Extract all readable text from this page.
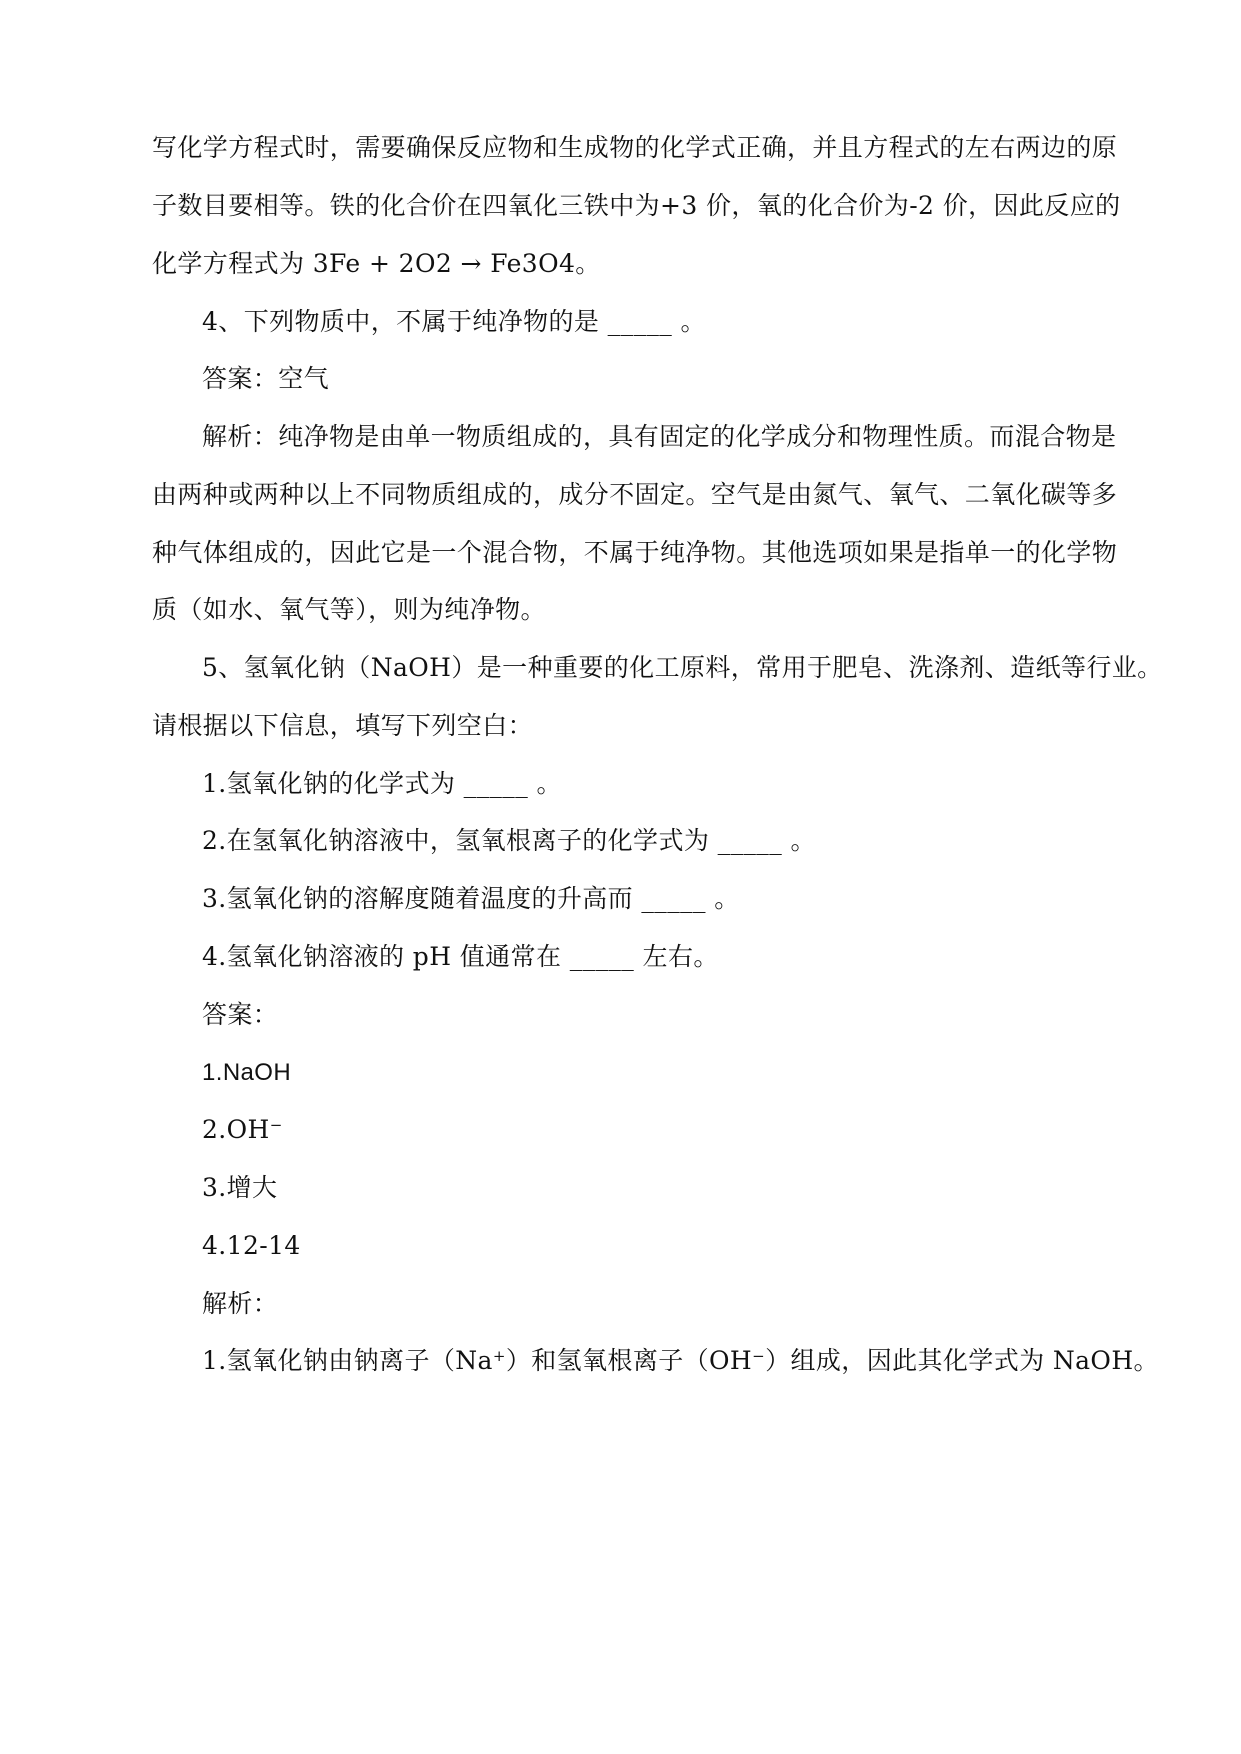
写化学方程式时，需要确保反应物和生成物的化学式正确，并且方程式的左右两边的原
子数目要相等。铁的化合价在四氧化三铁中为+3 价，氧的化合价为-2 价，因此反应的
化学方程式为 3Fe + 2O2 → Fe3O4。
4、下列物质中，不属于纯净物的是 _____ 。
答案：空气
解析：纯净物是由单一物质组成的，具有固定的化学成分和物理性质。而混合物是
由两种或两种以上不同物质组成的，成分不固定。空气是由氮气、氧气、二氧化碳等多
种气体组成的，因此它是一个混合物，不属于纯净物。其他选项如果是指单一的化学物
质（如水、氧气等），则为纯净物。
5、氢氧化钠（NaOH）是一种重要的化工原料，常用于肥皂、洗涤剂、造纸等行业。
请根据以下信息，填写下列空白：
1.氢氧化钠的化学式为 _____ 。
2.在氢氧化钠溶液中，氢氧根离子的化学式为 _____ 。
3.氢氧化钠的溶解度随着温度的升高而 _____ 。
4.氢氧化钠溶液的 pH 值通常在 _____ 左右。
答案：
1.NaOH
2.OH−
3.增大
4.12-14
解析：
1.氢氧化钠由钠离子（Na+）和氢氧根离子（OH−）组成，因此其化学式为 NaOH。
